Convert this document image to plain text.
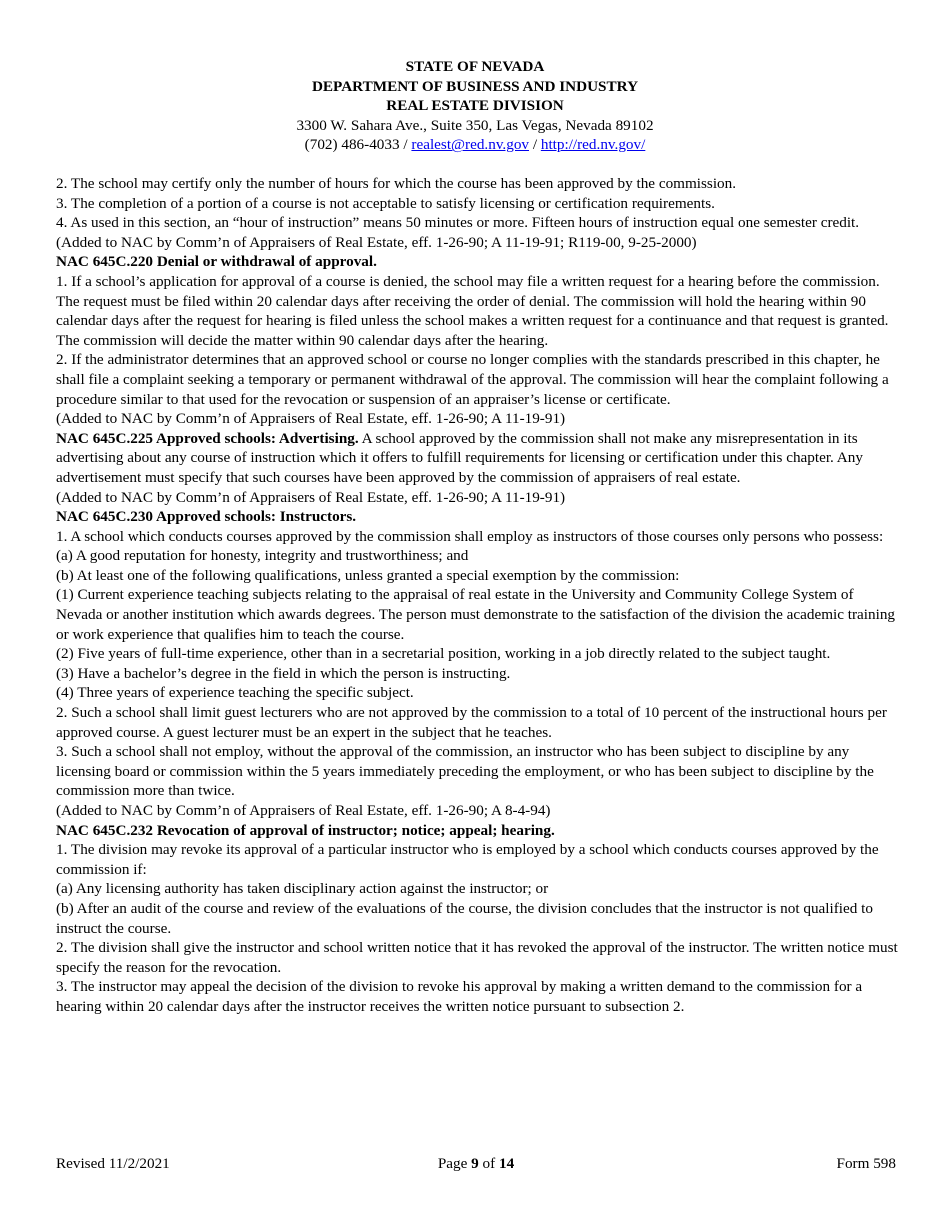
STATE OF NEVADA
DEPARTMENT OF BUSINESS AND INDUSTRY
REAL ESTATE DIVISION
3300 W. Sahara Ave., Suite 350, Las Vegas, Nevada 89102
(702) 486-4033 / realest@red.nv.gov / http://red.nv.gov/

2. The school may certify only the number of hours for which the course has been approved by the commission.

3. The completion of a portion of a course is not acceptable to satisfy licensing or certification requirements.

4. As used in this section, an “hour of instruction” means 50 minutes or more. Fifteen hours of instruction equal one semester credit.

(Added to NAC by Comm’n of Appraisers of Real Estate, eff. 1-26-90; A 11-19-91; R119-00, 9-25-2000)

NAC 645C.220 Denial or withdrawal of approval.

1. If a school’s application for approval of a course is denied, the school may file a written request for a hearing before the commission. The request must be filed within 20 calendar days after receiving the order of denial. The commission will hold the hearing within 90 calendar days after the request for hearing is filed unless the school makes a written request for a continuance and that request is granted. The commission will decide the matter within 90 calendar days after the hearing.

2. If the administrator determines that an approved school or course no longer complies with the standards prescribed in this chapter, he shall file a complaint seeking a temporary or permanent withdrawal of the approval. The commission will hear the complaint following a procedure similar to that used for the revocation or suspension of an appraiser’s license or certificate.

(Added to NAC by Comm’n of Appraisers of Real Estate, eff. 1-26-90; A 11-19-91)

NAC 645C.225 Approved schools: Advertising. A school approved by the commission shall not make any misrepresentation in its advertising about any course of instruction which it offers to fulfill requirements for licensing or certification under this chapter. Any advertisement must specify that such courses have been approved by the commission of appraisers of real estate.

(Added to NAC by Comm’n of Appraisers of Real Estate, eff. 1-26-90; A 11-19-91)

NAC 645C.230 Approved schools: Instructors.

1. A school which conducts courses approved by the commission shall employ as instructors of those courses only persons who possess:

(a) A good reputation for honesty, integrity and trustworthiness; and

(b) At least one of the following qualifications, unless granted a special exemption by the commission:

(1) Current experience teaching subjects relating to the appraisal of real estate in the University and Community College System of Nevada or another institution which awards degrees. The person must demonstrate to the satisfaction of the division the academic training or work experience that qualifies him to teach the course.

(2) Five years of full-time experience, other than in a secretarial position, working in a job directly related to the subject taught.

(3) Have a bachelor’s degree in the field in which the person is instructing.

(4) Three years of experience teaching the specific subject.

2. Such a school shall limit guest lecturers who are not approved by the commission to a total of 10 percent of the instructional hours per approved course. A guest lecturer must be an expert in the subject that he teaches.

3. Such a school shall not employ, without the approval of the commission, an instructor who has been subject to discipline by any licensing board or commission within the 5 years immediately preceding the employment, or who has been subject to discipline by the commission more than twice.

(Added to NAC by Comm’n of Appraisers of Real Estate, eff. 1-26-90; A 8-4-94)

NAC 645C.232 Revocation of approval of instructor; notice; appeal; hearing.

1. The division may revoke its approval of a particular instructor who is employed by a school which conducts courses approved by the commission if:

(a) Any licensing authority has taken disciplinary action against the instructor; or

(b) After an audit of the course and review of the evaluations of the course, the division concludes that the instructor is not qualified to instruct the course.

2. The division shall give the instructor and school written notice that it has revoked the approval of the instructor. The written notice must specify the reason for the revocation.

3. The instructor may appeal the decision of the division to revoke his approval by making a written demand to the commission for a hearing within 20 calendar days after the instructor receives the written notice pursuant to subsection 2.

Revised 11/2/2021	Page 9 of 14	Form 598
